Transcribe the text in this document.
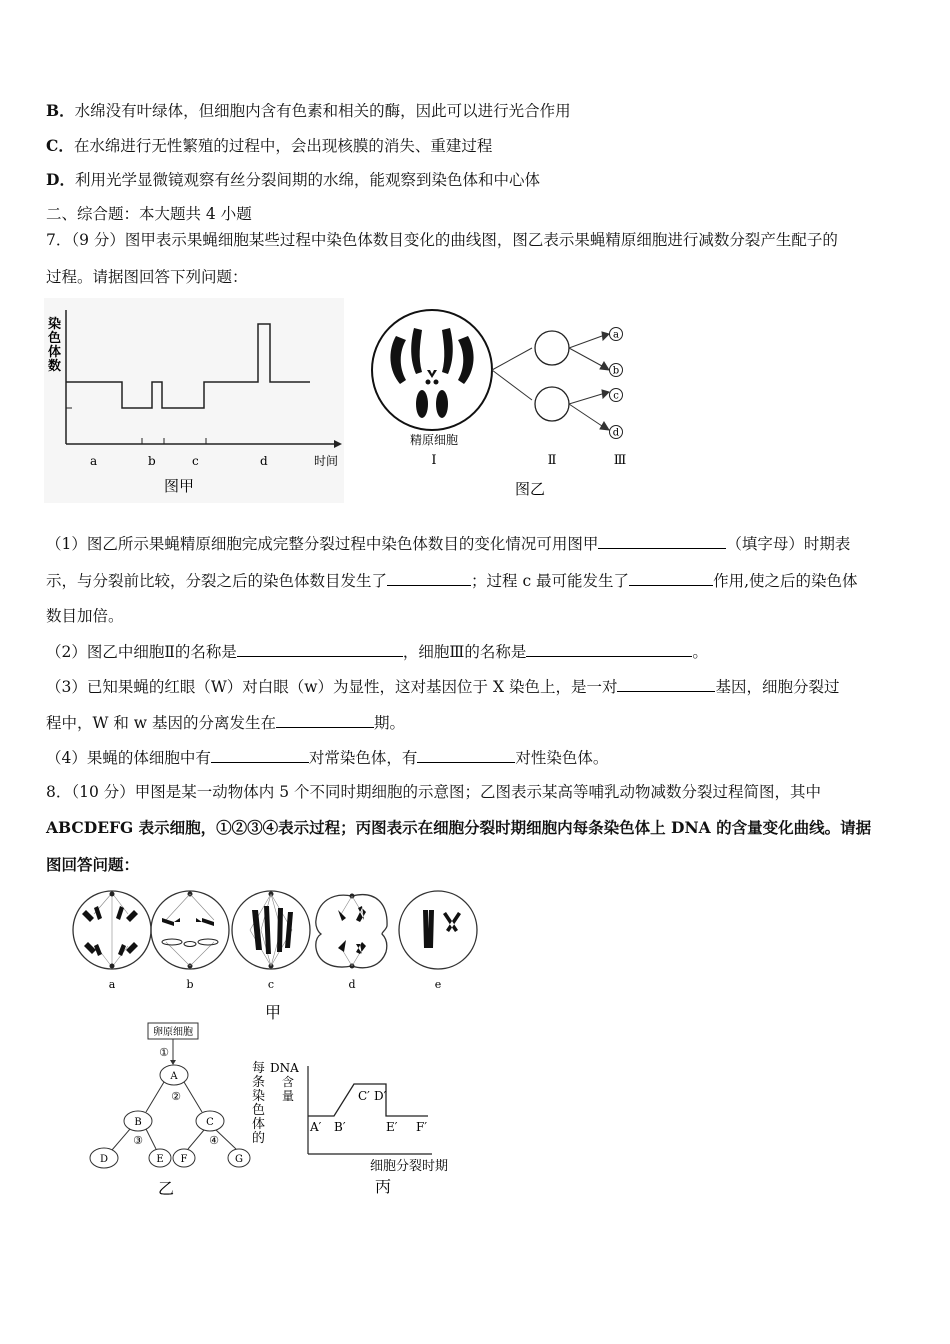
B．水绵没有叶绿体，但细胞内含有色素和相关的酶，因此可以进行光合作用
C．在水绵进行无性繁殖的过程中，会出现核膜的消失、重建过程
D．利用光学显微镜观察有丝分裂间期的水绵，能观察到染色体和中心体
二、综合题：本大题共 4 小题
7．（9 分）图甲表示果蝇细胞某些过程中染色体数目变化的曲线图，图乙表示果蝇精原细胞进行减数分裂产生配子的
过程。请据图回答下列问题：
染
色
体
数
a	b	c	d	时间
图甲
a
b
c
d
精原细胞
Ⅰ	Ⅱ	Ⅲ
图乙
（1）图乙所示果蝇精原细胞完成完整分裂过程中染色体数目的变化情况可用图甲	（填字母）时期表
示，与分裂前比较，分裂之后的染色体数目发生了	；过程 c 最可能发生了	作用,使之后的染色体
数目加倍。
（2）图乙中细胞Ⅱ的名称是	，细胞Ⅲ的名称是	。
（3）已知果蝇的红眼（W）对白眼（w）为显性，这对基因位于 X 染色上，是一对	基因，细胞分裂过
程中，W 和 w 基因的分离发生在	期。
（4）果蝇的体细胞中有	对常染色体，有	对性染色体。
8．（10 分）甲图是某一动物体内 5 个不同时期细胞的示意图；乙图表示某高等哺乳动物减数分裂过程简图，其中
ABCDEFG 表示细胞，①②③④表示过程；丙图表示在细胞分裂时期细胞内每条染色体上 DNA 的含量变化曲线。请据
图回答问题：
a	b	c	d	e
甲
卵原细胞
①
A
B	C
D	E F	G
②
③	④
乙
每
条
染
色
体
的
DNA
含
量
A′ B′
C′ D′
E′ F′
细胞分裂时期
丙
